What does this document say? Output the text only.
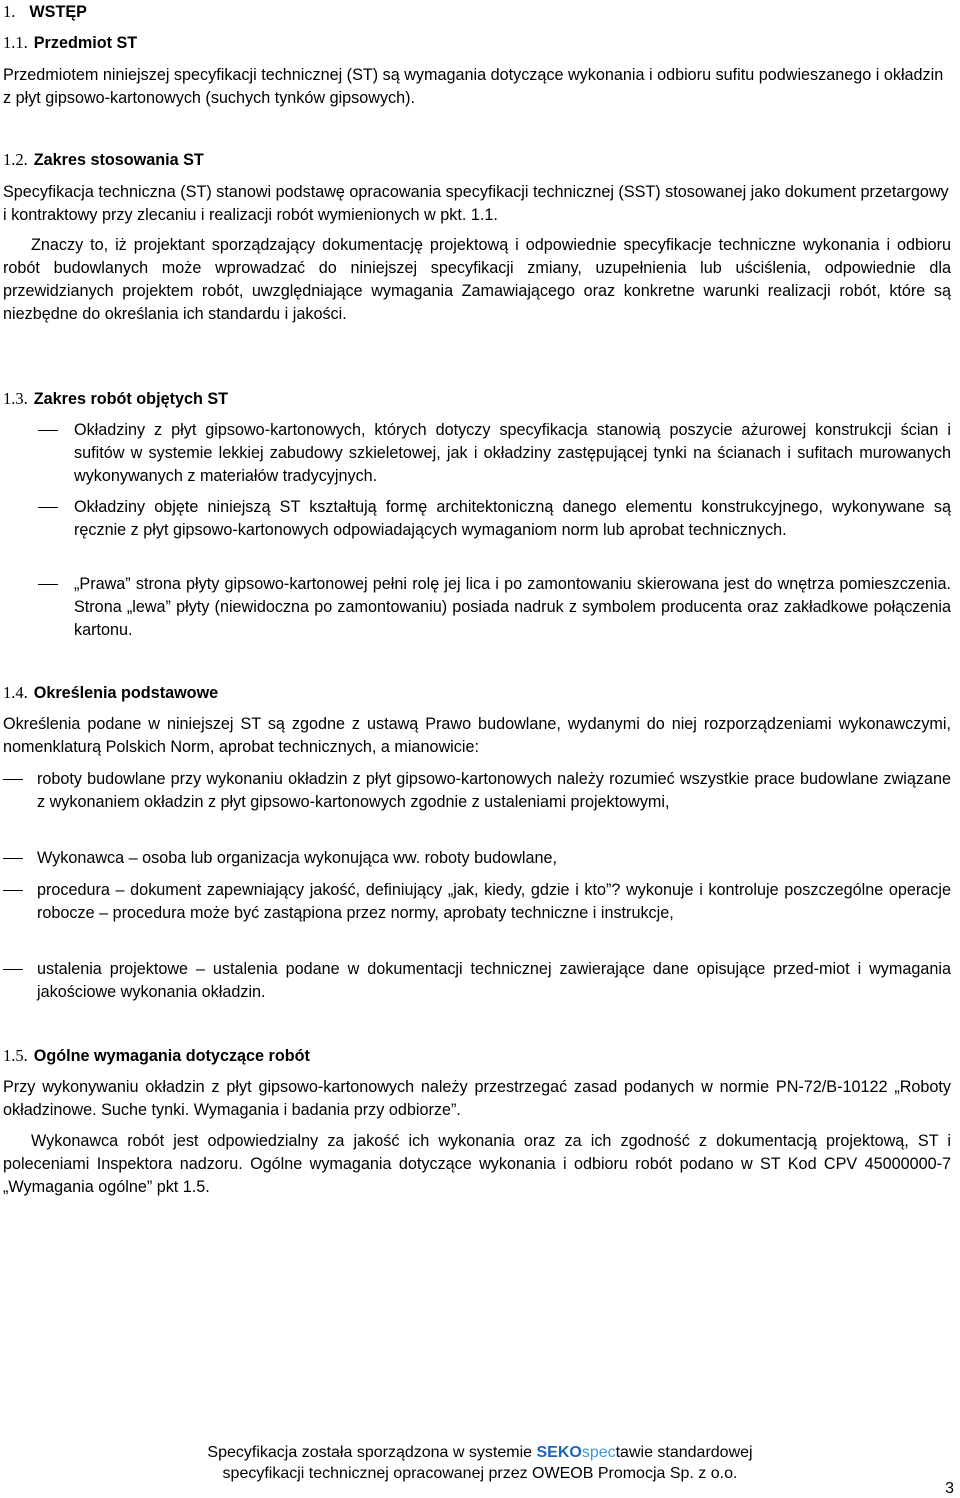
1. WSTĘP
1.1. Przedmiot ST
Przedmiotem niniejszej specyfikacji technicznej (ST) są wymagania dotyczące wykonania i odbioru sufitu podwieszanego i okładzin z płyt gipsowo-kartonowych (suchych tynków gipsowych).
1.2. Zakres stosowania ST
Specyfikacja techniczna (ST) stanowi podstawę opracowania specyfikacji technicznej (SST) stosowanej jako dokument przetargowy i kontraktowy przy zlecaniu i realizacji robót wymienionych w pkt. 1.1.
Znaczy to, iż projektant sporządzający dokumentację projektową i odpowiednie specyfikacje techniczne wykonania i odbioru robót budowlanych może wprowadzać do niniejszej specyfikacji zmiany, uzupełnienia lub uściślenia, odpowiednie dla przewidzianych projektem robót, uwzględniające wymagania Zamawiającego oraz konkretne warunki realizacji robót, które są niezbędne do określania ich standardu i jakości.
1.3. Zakres robót objętych ST
Okładziny z płyt gipsowo-kartonowych, których dotyczy specyfikacja stanowią poszycie ażurowej konstrukcji ścian i sufitów w systemie lekkiej zabudowy szkieletowej, jak i okładziny zastępującej tynki na ścianach i sufitach murowanych wykonywanych z materiałów tradycyjnych.
Okładziny objęte niniejszą ST kształtują formę architektoniczną danego elementu konstrukcyjnego, wykonywane są ręcznie z płyt gipsowo-kartonowych odpowiadających wymaganiom norm lub aprobat technicznych.
„Prawa” strona płyty gipsowo-kartonowej pełni rolę jej lica i po zamontowaniu skierowana jest do wnętrza pomieszczenia. Strona „lewa” płyty (niewidoczna po zamontowaniu) posiada nadruk z symbolem producenta oraz zakładkowe połączenia kartonu.
1.4. Określenia podstawowe
Określenia podane w niniejszej ST są zgodne z ustawą Prawo budowlane, wydanymi do niej rozporządzeniami wykonawczymi, nomenklaturą Polskich Norm, aprobat technicznych, a mianowicie:
roboty budowlane przy wykonaniu okładzin z płyt gipsowo-kartonowych należy rozumieć wszystkie prace budowlane związane z wykonaniem okładzin z płyt gipsowo-kartonowych zgodnie z ustaleniami projektowymi,
Wykonawca – osoba lub organizacja wykonująca ww. roboty budowlane,
procedura – dokument zapewniający jakość, definiujący „jak, kiedy, gdzie i kto”? wykonuje i kontroluje poszczególne operacje robocze – procedura może być zastąpiona przez normy, aprobaty techniczne i instrukcje,
ustalenia projektowe – ustalenia podane w dokumentacji technicznej zawierające dane opisujące przed-miot i wymagania jakościowe wykonania okładzin.
1.5. Ogólne wymagania dotyczące robót
Przy wykonywaniu okładzin z płyt gipsowo-kartonowych należy przestrzegać zasad podanych w normie PN-72/B-10122 „Roboty okładzinowe. Suche tynki. Wymagania i badania przy odbiorze”.
Wykonawca robót jest odpowiedzialny za jakość ich wykonania oraz za ich zgodność z dokumentacją projektową, ST i poleceniami Inspektora nadzoru. Ogólne wymagania dotyczące wykonania i odbioru robót podano w ST Kod CPV 45000000-7 „Wymagania ogólne” pkt 1.5.
Specyfikacja została sporządzona w systemie SEKOspectawie standardowej
specyfikacji technicznej opracowanej przez OWEOB Promocja Sp. z o.o.
3
